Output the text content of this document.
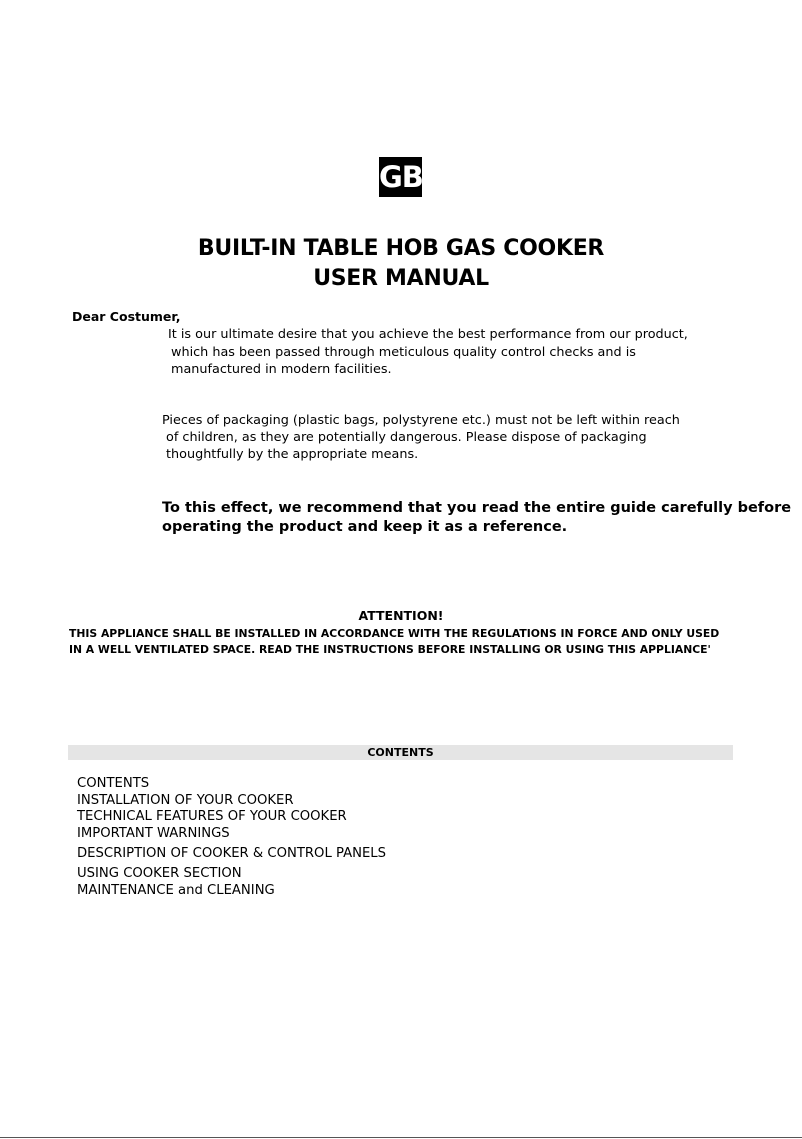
GB
BUILT-IN TABLE HOB GAS COOKER
USER MANUAL
Dear Costumer,
It is our ultimate desire that you achieve the best performance from our product,
which has been passed through meticulous quality control checks and is
manufactured in modern facilities.
Pieces of packaging (plastic bags, polystyrene etc.) must not be left within reach
of children, as they are potentially dangerous. Please dispose of packaging
thoughtfully by the appropriate means.
To this effect, we recommend that you read the entire guide carefully before
operating the product and keep it as a reference.
ATTENTION!
THIS APPLIANCE SHALL BE INSTALLED IN ACCORDANCE WITH THE REGULATIONS IN FORCE AND ONLY USED
IN A WELL VENTILATED SPACE. READ THE INSTRUCTIONS BEFORE INSTALLING OR USING THIS APPLIANCE'
CONTENTS
CONTENTS
INSTALLATION OF YOUR COOKER
TECHNICAL FEATURES OF YOUR COOKER
IMPORTANT WARNINGS
DESCRIPTION OF COOKER & CONTROL PANELS
USING COOKER SECTION
MAINTENANCE and CLEANING
